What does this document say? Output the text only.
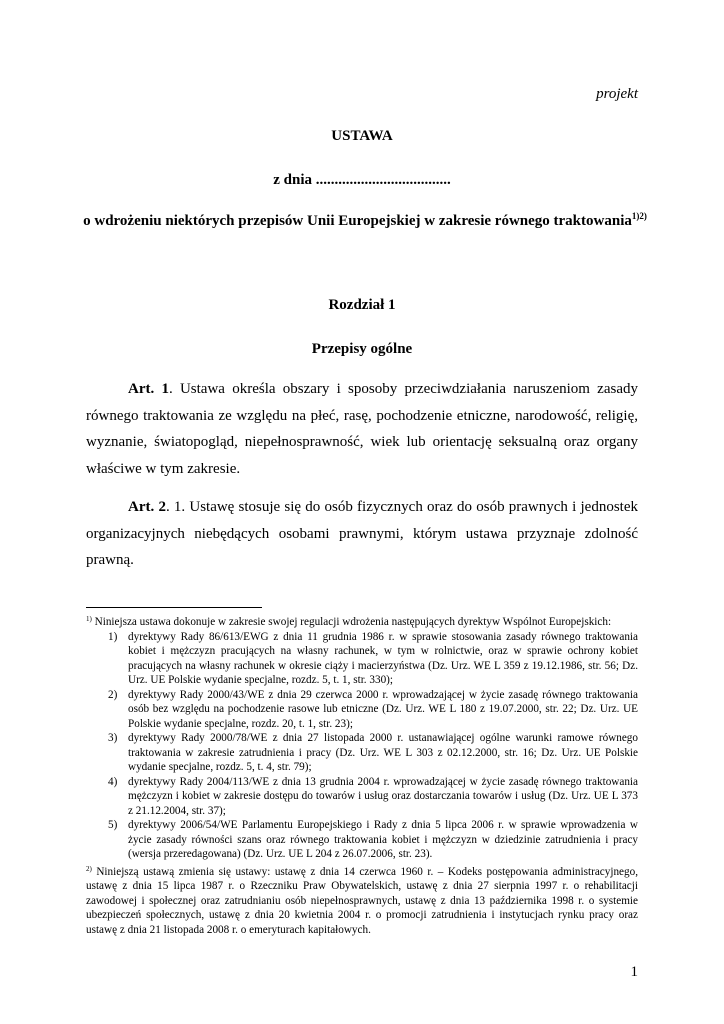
projekt
USTAWA
z dnia ....................................
o wdrożeniu niektórych przepisów Unii Europejskiej w zakresie równego traktowania$^{1)2)}$
Rozdział 1
Przepisy ogólne
Art. 1. Ustawa określa obszary i sposoby przeciwdziałania naruszeniom zasady równego traktowania ze względu na płeć, rasę, pochodzenie etniczne, narodowość, religię, wyznanie, światopogląd, niepełnosprawność, wiek lub orientację seksualną oraz organy właściwe w tym zakresie.
Art. 2. 1. Ustawę stosuje się do osób fizycznych oraz do osób prawnych i jednostek organizacyjnych niebędących osobami prawnymi, którym ustawa przyznaje zdolność prawną.

$^{1)}$ Niniejsza ustawa dokonuje w zakresie swojej regulacji wdrożenia następujących dyrektyw Wspólnot Europejskich:

1) dyrektywy Rady 86/613/EWG z dnia 11 grudnia 1986 r. w sprawie stosowania zasady równego traktowania kobiet i mężczyzn pracujących na własny rachunek, w tym w rolnictwie, oraz w sprawie ochrony kobiet pracujących na własny rachunek w okresie ciąży i macierzyństwa (Dz. Urz. WE L 359 z 19.12.1986, str. 56; Dz. Urz. UE Polskie wydanie specjalne, rozdz. 5, t. 1, str. 330);
2) dyrektywy Rady 2000/43/WE z dnia 29 czerwca 2000 r. wprowadzającej w życie zasadę równego traktowania osób bez względu na pochodzenie rasowe lub etniczne (Dz. Urz. WE L 180 z 19.07.2000, str. 22; Dz. Urz. UE Polskie wydanie specjalne, rozdz. 20, t. 1, str. 23);
3) dyrektywy Rady 2000/78/WE z dnia 27 listopada 2000 r. ustanawiającej ogólne warunki ramowe równego traktowania w zakresie zatrudnienia i pracy (Dz. Urz. WE L 303 z 02.12.2000, str. 16; Dz. Urz. UE Polskie wydanie specjalne, rozdz. 5, t. 4, str. 79);
4) dyrektywy Rady 2004/113/WE z dnia 13 grudnia 2004 r. wprowadzającej w życie zasadę równego traktowania mężczyzn i kobiet w zakresie dostępu do towarów i usług oraz dostarczania towarów i usług (Dz. Urz. UE L 373 z 21.12.2004, str. 37);
5) dyrektywy 2006/54/WE Parlamentu Europejskiego i Rady z dnia 5 lipca 2006 r. w sprawie wprowadzenia w życie zasady równości szans oraz równego traktowania kobiet i mężczyzn w dziedzinie zatrudnienia i pracy (wersja przeredagowana) (Dz. Urz. UE L 204 z 26.07.2006, str. 23).

$^{2)}$ Niniejszą ustawą zmienia się ustawy: ustawę z dnia 14 czerwca 1960 r. – Kodeks postępowania administracyjnego, ustawę z dnia 15 lipca 1987 r. o Rzeczniku Praw Obywatelskich, ustawę z dnia 27 sierpnia 1997 r. o rehabilitacji zawodowej i społecznej oraz zatrudnianiu osób niepełnosprawnych, ustawę z dnia 13 października 1998 r. o systemie ubezpieczeń społecznych, ustawę z dnia 20 kwietnia 2004 r. o promocji zatrudnienia i instytucjach rynku pracy oraz ustawę z dnia 21 listopada 2008 r. o emeryturach kapitałowych.

1
